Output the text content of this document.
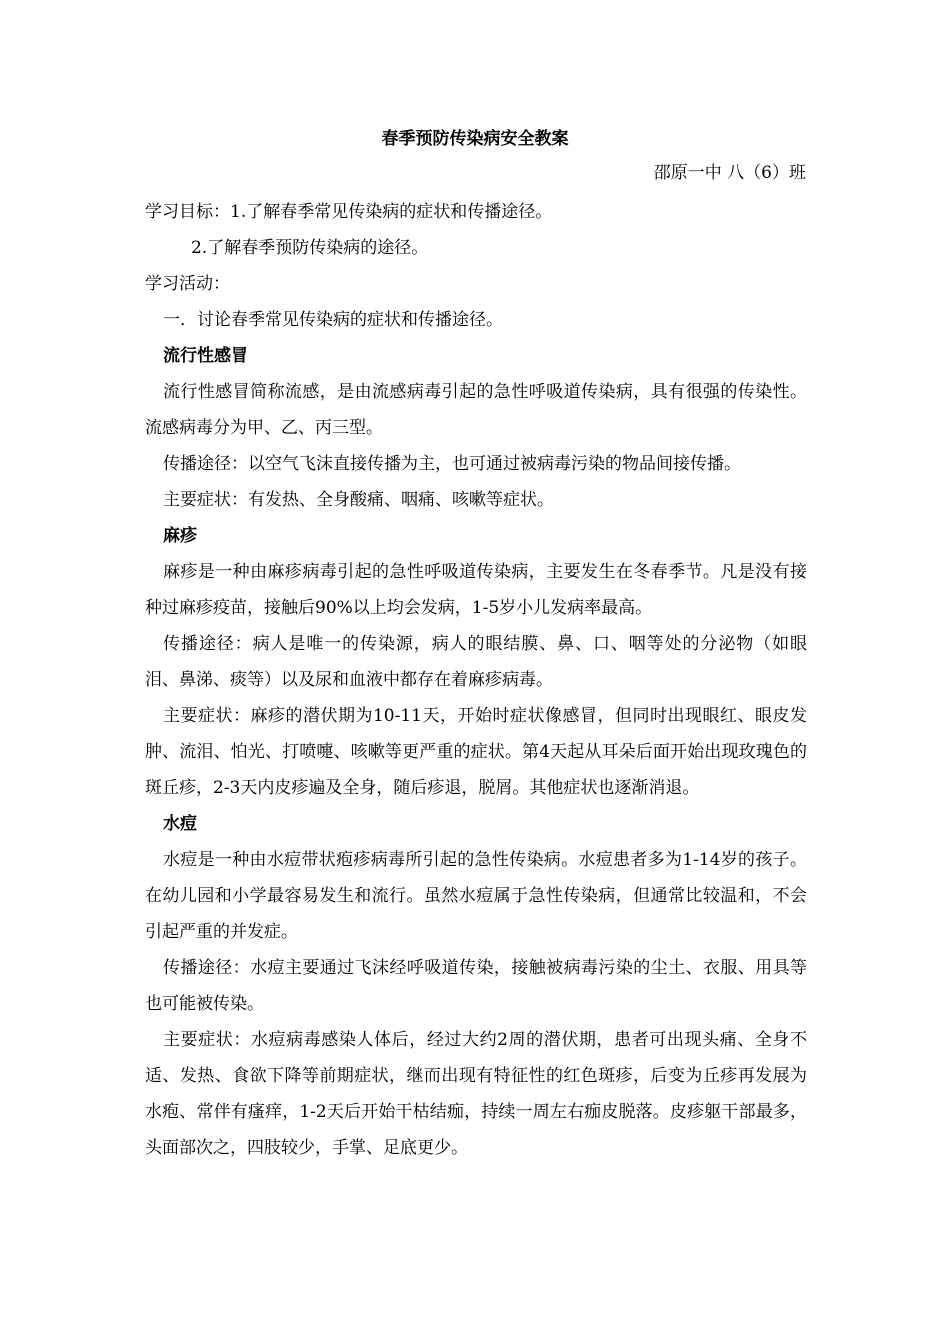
春季预防传染病安全教案
邵原一中 八（6）班

学习目标：1.了解春季常见传染病的症状和传播途径。

2.了解春季预防传染病的途径。

学习活动：

一．讨论春季常见传染病的症状和传播途径。

流行性感冒

流行性感冒简称流感，是由流感病毒引起的急性呼吸道传染病，具有很强的传染性。流感病毒分为甲、乙、丙三型。

传播途径：以空气飞沫直接传播为主，也可通过被病毒污染的物品间接传播。

主要症状：有发热、全身酸痛、咽痛、咳嗽等症状。

麻疹

麻疹是一种由麻疹病毒引起的急性呼吸道传染病，主要发生在冬春季节。凡是没有接种过麻疹疫苗，接触后90%以上均会发病，1-5岁小儿发病率最高。

传播途径：病人是唯一的传染源，病人的眼结膜、鼻、口、咽等处的分泌物（如眼泪、鼻涕、痰等）以及尿和血液中都存在着麻疹病毒。

主要症状：麻疹的潜伏期为10-11天，开始时症状像感冒，但同时出现眼红、眼皮发肿、流泪、怕光、打喷嚏、咳嗽等更严重的症状。第4天起从耳朵后面开始出现玫瑰色的斑丘疹，2-3天内皮疹遍及全身，随后疹退，脱屑。其他症状也逐渐消退。

水痘

水痘是一种由水痘带状疱疹病毒所引起的急性传染病。水痘患者多为1-14岁的孩子。在幼儿园和小学最容易发生和流行。虽然水痘属于急性传染病，但通常比较温和，不会引起严重的并发症。

传播途径：水痘主要通过飞沫经呼吸道传染，接触被病毒污染的尘土、衣服、用具等也可能被传染。

主要症状：水痘病毒感染人体后，经过大约2周的潜伏期，患者可出现头痛、全身不适、发热、食欲下降等前期症状，继而出现有特征性的红色斑疹，后变为丘疹再发展为水疱、常伴有瘙痒，1-2天后开始干枯结痂，持续一周左右痂皮脱落。皮疹躯干部最多，头面部次之，四肢较少，手掌、足底更少。
